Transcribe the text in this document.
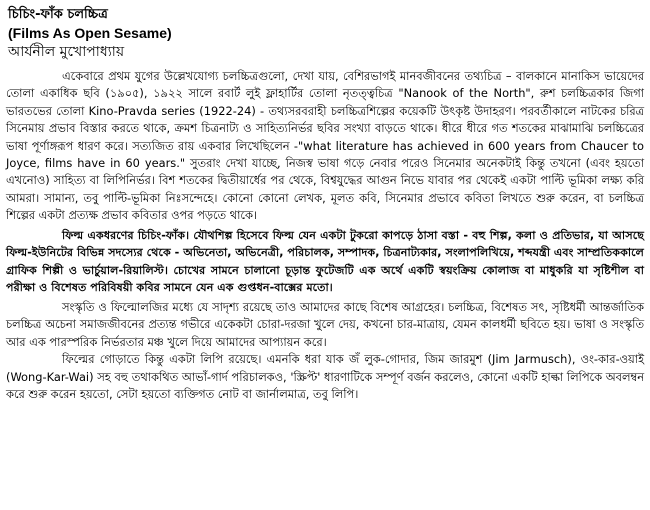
চিচিং-ফাঁক চলচ্চিত্র
(Films As Open Sesame)
আর্যনীল মুখোপাধ্যায়

একেবারে প্রথম যুগের উল্লেখযোগ্য চলচ্চিত্রগুলো, দেখা যায়, বেশিরভাগই মানবজীবনের তথ্যচিত্র – বালকানে মানাকিস ভায়েদের তোলা একাধিক ছবি (১৯০৫), ১৯২২ সালে রবার্ট লুই ফ্লাহার্টির তোলা নৃতত্ত্বচিত্র "Nanook of the North", রুশ চলচ্চিত্রকার জিগা ভারতভের তোলা Kino-Pravda series (1922-24) - তথ্যসরবরাহী চলচ্চিত্রশিল্পের কয়েকটি উৎকৃষ্ট উদাহরণ। পরবর্তীকালে নাটকের চরিত্র সিনেমায় প্রভাব বিস্তার করতে থাকে, ক্রমশ চিত্রনাট্য ও সাহিত্যনির্ভর ছবির সংখ্যা বাড়তে থাকে। ধীরে ধীরে গত শতকের মাঝামাঝি চলচ্চিত্রের ভাষা পূর্ণাঙ্গরূপ ধারণ করে। সত্যজিত রায় একবার লিখেছিলেন -"what literature has achieved in 600 years from Chaucer to Joyce, films have in 60 years." সুতরাং দেখা যাচ্ছে, নিজস্ব ভাষা গড়ে নেবার পরেও সিনেমার অনেকটাই কিন্তু তখনো (এবং হয়তো এখনোও) সাহিত্য বা লিপিনির্ভর। বিশ শতকের দ্বিতীয়ার্ধের পর থেকে, বিশ্বযুদ্ধের আগুন নিভে যাবার পর থেকেই একটা পাল্টি ভূমিকা লক্ষ্য করি আমরা। সামান্য, তবু পাল্টি-ভূমিকা নিঃসন্দেহে। কোনো কোনো লেখক, মূলত কবি, সিনেমার প্রভাবে কবিতা লিখতে শুরু করেন, বা চলচ্চিত্র শিল্পের একটা প্রত্যক্ষ প্রভাব কবিতার ওপর পড়তে থাকে।

ফিল্ম একধরণের চিচিং-ফাঁক। যৌথশিল্প হিসেবে ফিল্ম যেন একটা টুকরো কাপড়ে ঠাসা বস্তা - বহু শিল্প, কলা ও প্রতিভার, যা আসছে ফিল্ম-ইউনিটের বিভিন্ন সদস্যের থেকে - অভিনেতা, অভিনেত্রী, পরিচালক, সম্পাদক, চিত্রনাট্যকার, সংলাপলিখিয়ে, শব্দযন্ত্রী এবং সাম্প্রতিককালে গ্রাফিক শিল্পী ও ভার্চুয়াল-রিয়ালিস্ট। চোখের সামনে চালানো চূড়ান্ত ফুটেজটি এক অর্থে একটি স্বয়ংক্রিয় কোলাজ বা মাধুকরি যা সৃষ্টিশীল বা পরীক্ষা ও বিশেষত পরিবিষয়ী কবির সামনে যেন এক গুপ্তধন-বাক্সের মতো।

সংস্কৃতি ও ফিল্মোলজির মধ্যে যে সাদৃশ্য রয়েছে তাও আমাদের কাছে বিশেষ আগ্রহের। চলচ্চিত্র, বিশেষত সৎ, সৃষ্টিধর্মী আন্তর্জাতিক চলচ্চিত্র অচেনা সমাজজীবনের প্রত্যন্ত গভীরে একেকটা চোরা-দরজা খুলে দেয়, কখনো চার-মাত্রায়, যেমন কালধর্মী ছবিতে হয়। ভাষা ও সংস্কৃতি আর এক পারস্পরিক নির্ভরতার মঞ্চ খুলে দিয়ে আমাদের আপ্যায়ন করে।

ফিল্মের গোড়াতে কিন্তু একটা লিপি রয়েছে। এমনকি ধরা যাক জঁ লুক-গোদার, জিম জারমুশ (Jim Jarmusch), ওং-কার-ওয়াই (Wong-Kar-Wai) সহ বহু তথাকথিত আভাঁ-গার্দ পরিচালকও, 'স্ক্রিপ্ট' ধারণাটিকে সম্পূর্ণ বর্জন করলেও, কোনো একটি হাল্কা লিপিকে অবলম্বন করে শুরু করেন হয়তো, সেটা হয়তো ব্যক্তিগত নোট বা জার্নালমাত্র, তবু লিপি।
